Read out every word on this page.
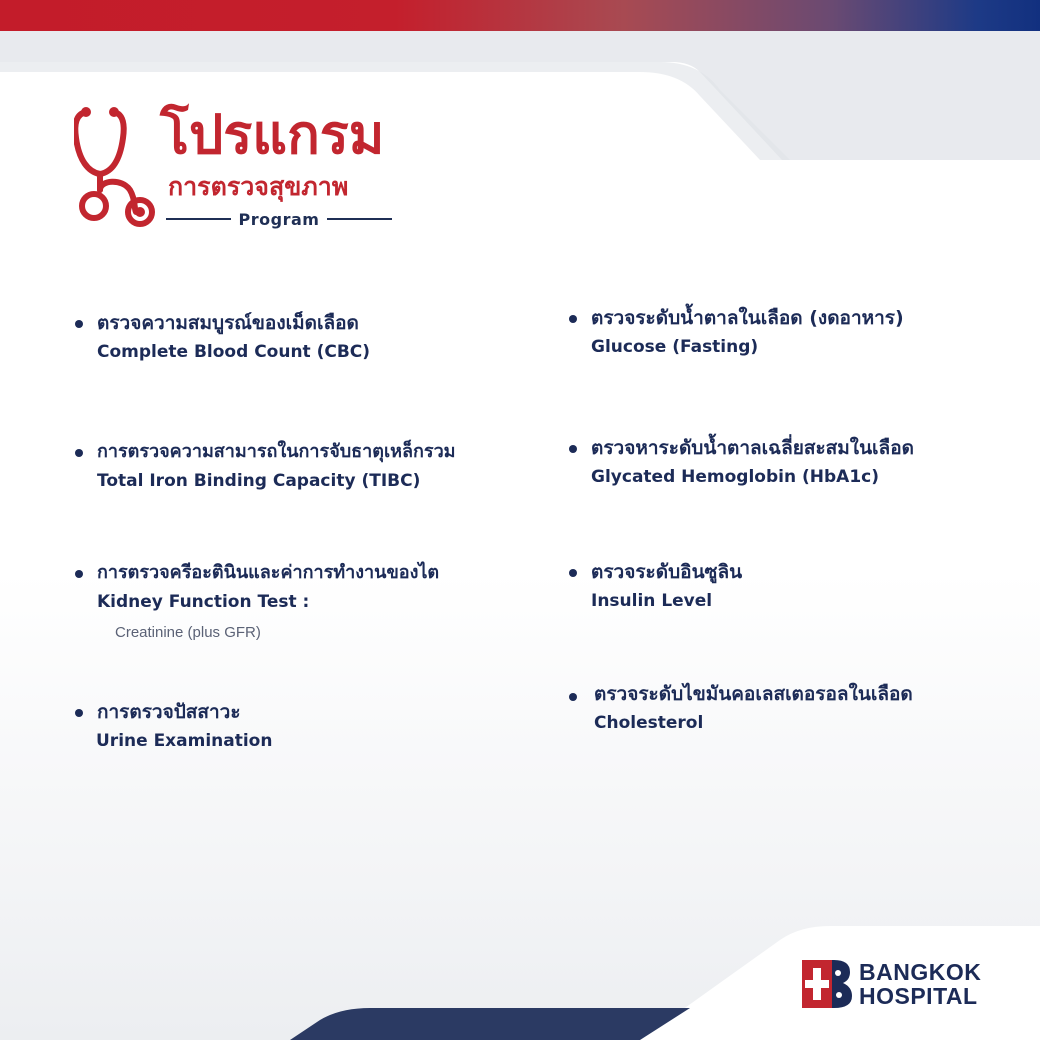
โปรแกรม
การตรวจสุขภาพ
Program
ตรวจความสมบูรณ์ของเม็ดเลือด
Complete Blood Count (CBC)
การตรวจความสามารถในการจับธาตุเหล็กรวม
Total Iron Binding Capacity (TIBC)
การตรวจครีอะตินินและค่าการทำงานของไต
Kidney Function Test :
Creatinine (plus GFR)
การตรวจปัสสาวะ
Urine Examination
ตรวจระดับน้ำตาลในเลือด (งดอาหาร)
Glucose (Fasting)
ตรวจหาระดับน้ำตาลเฉลี่ยสะสมในเลือด
Glycated Hemoglobin (HbA1c)
ตรวจระดับอินซูลิน
Insulin Level
ตรวจระดับไขมันคอเลสเตอรอลในเลือด
Cholesterol
BANGKOK
HOSPITAL
